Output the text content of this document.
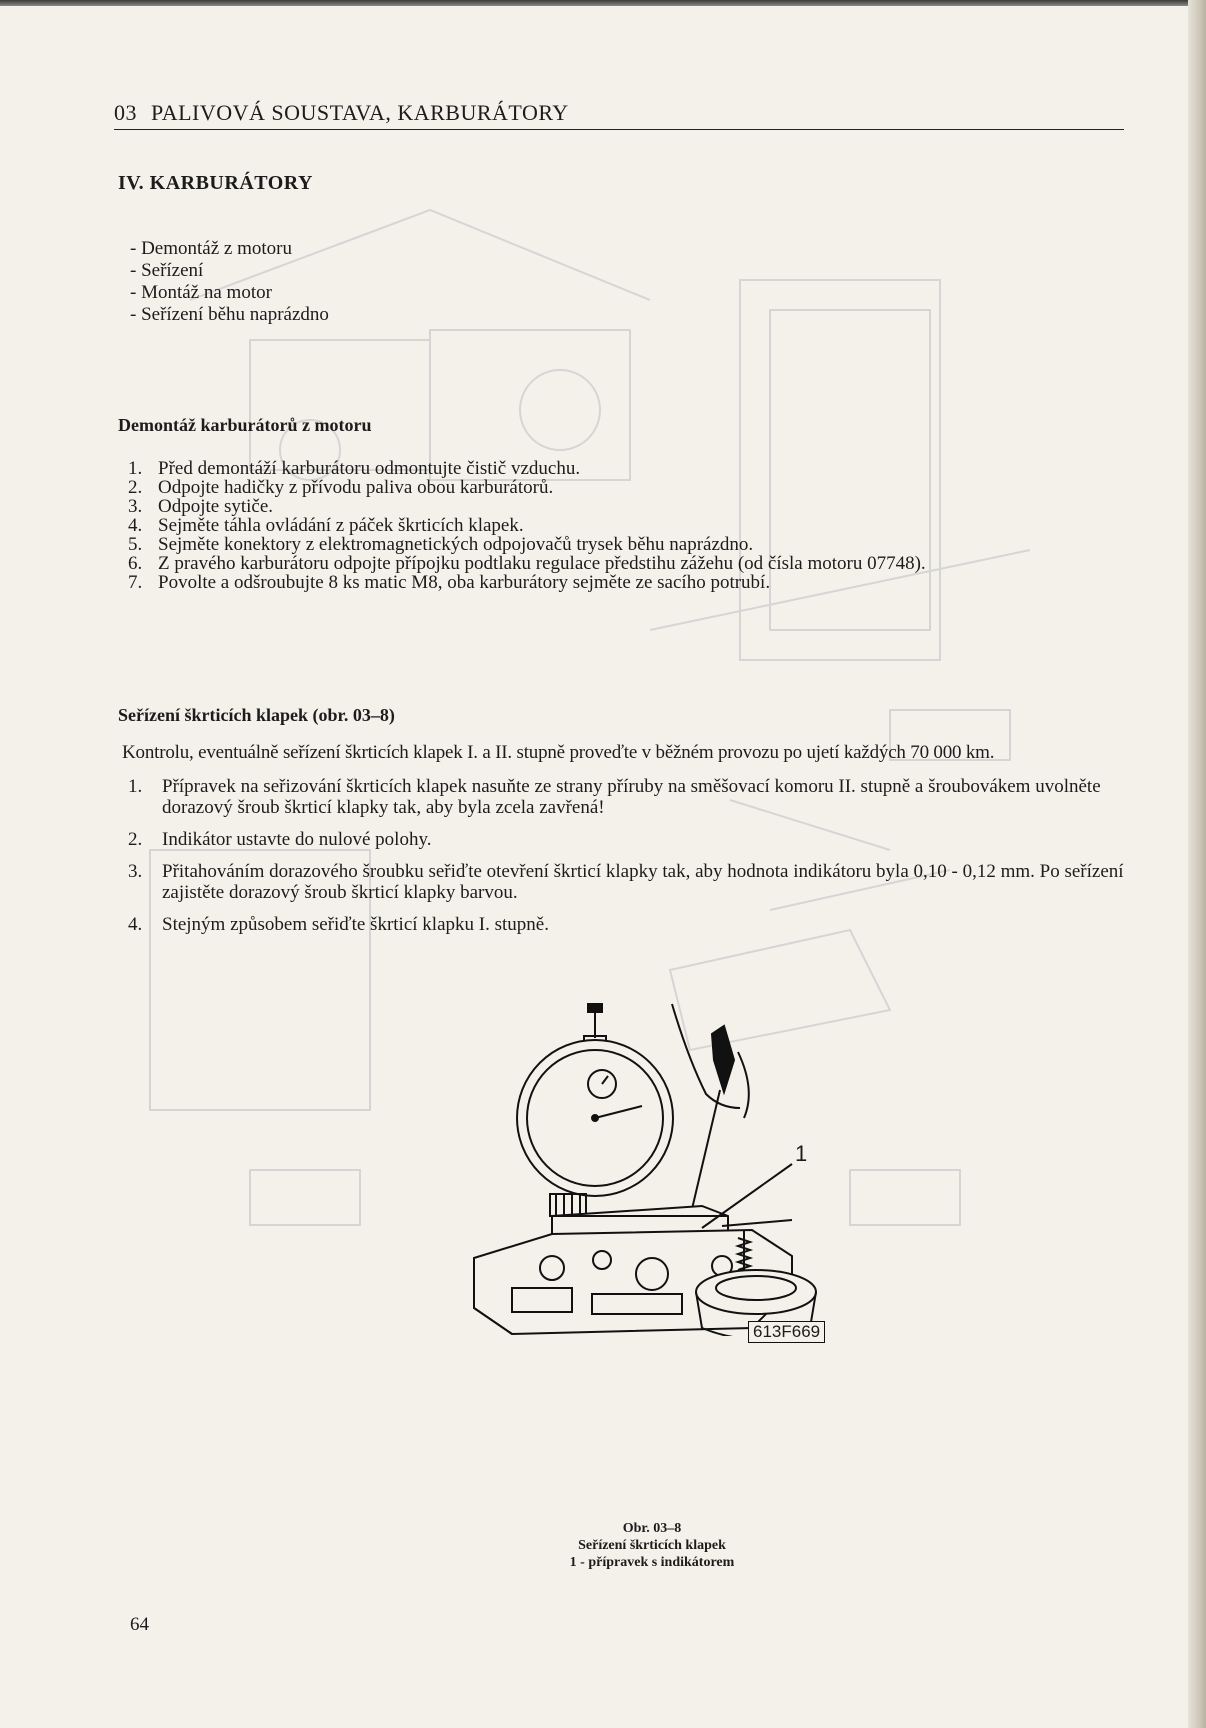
03 PALIVOVÁ SOUSTAVA, KARBURÁTORY
IV. KARBURÁTORY
- Demontáž z motoru
- Seřízení
- Montáž na motor
- Seřízení běhu naprázdno
Demontáž karburátorů z motoru
1. Před demontáží karburátoru odmontujte čistič vzduchu.
2. Odpojte hadičky z přívodu paliva obou karburátorů.
3. Odpojte sytiče.
4. Sejměte táhla ovládání z páček škrticích klapek.
5. Sejměte konektory z elektromagnetických odpojovačů trysek běhu naprázdno.
6. Z pravého karburátoru odpojte přípojku podtlaku regulace předstihu zážehu (od čísla motoru 07748).
7. Povolte a odšroubujte 8 ks matic M8, oba karburátory sejměte ze sacího potrubí.
Seřízení škrticích klapek (obr. 03–8)
Kontrolu, eventuálně seřízení škrticích klapek I. a II. stupně proveďte v běžném provozu po ujetí každých 70 000 km.
1.	Přípravek na seřizování škrticích klapek nasuňte ze strany příruby na směšovací komoru II. stupně a šroubovákem uvolněte dorazový šroub škrticí klapky tak, aby byla zcela zavřená!
2.	Indikátor ustavte do nulové polohy.
3.	Přitahováním dorazového šroubku seřiďte otevření škrticí klapky tak, aby hodnota indikátoru byla 0,10 - 0,12 mm. Po seřízení zajistěte dorazový šroub škrticí klapky barvou.
4.	Stejným způsobem seřiďte škrticí klapku I. stupně.
1
613F669
Obr. 03–8
Seřízení škrticích klapek
1 - přípravek s indikátorem
64
